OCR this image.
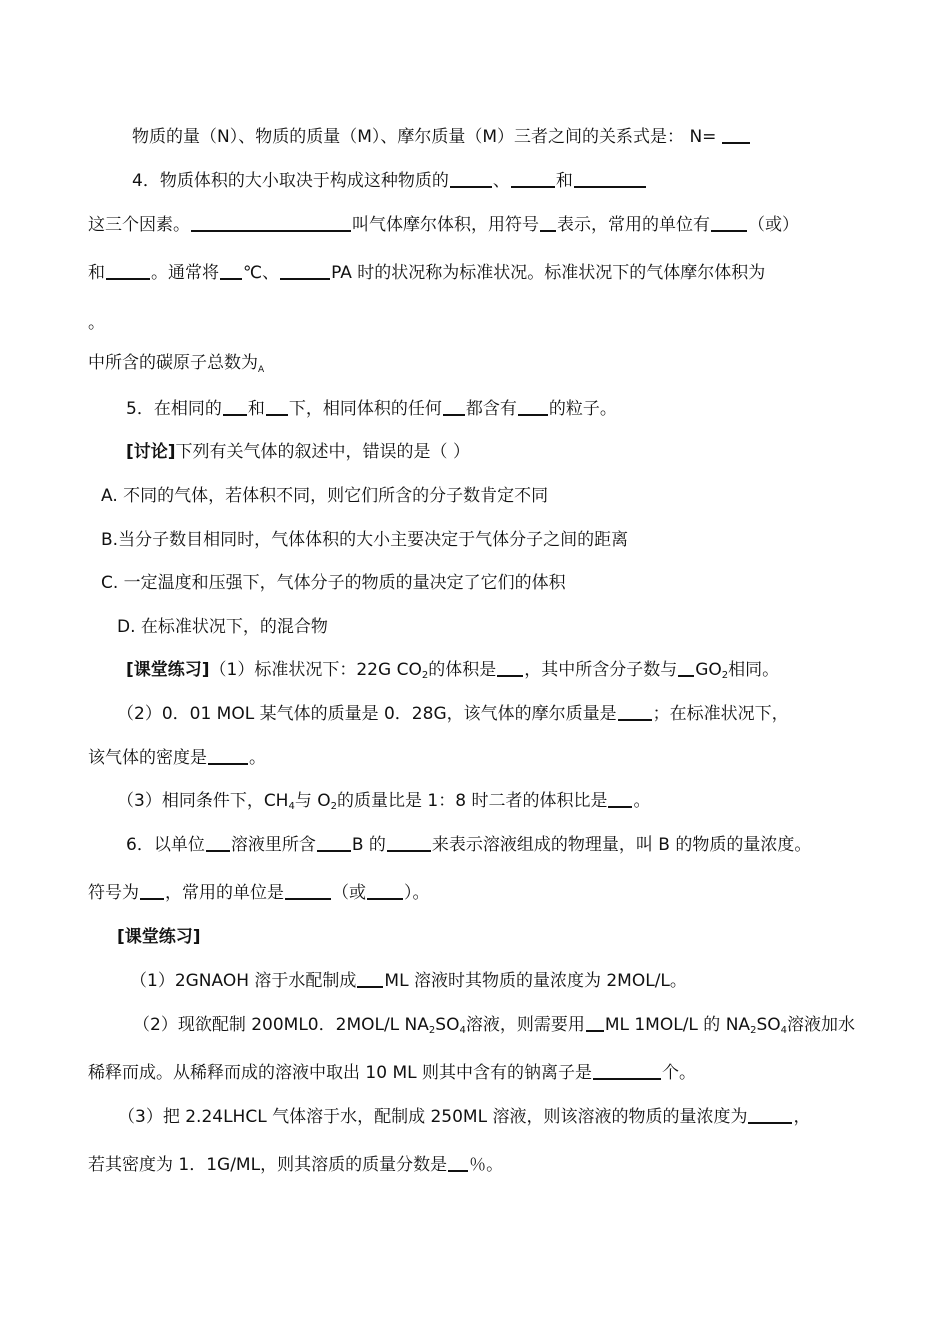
物质的量（N）、物质的质量（M）、摩尔质量（M）三者之间的关系式是： N=
4．物质体积的大小取决于构成这种物质的	、	和
这三个因素。	叫气体摩尔体积，用符号 表示，常用的单位有 （或）
和	。通常将 ℃、	PA 时的状况称为标准状况。标准状况下的气体摩尔体积为
。
中所含的碳原子总数为$_A$
5．在相同的 和 下，相同体积的任何 都含有 的粒子。
[讨论]下列有关气体的叙述中，错误的是（ ）
A. 不同的气体，若体积不同，则它们所含的分子数肯定不同
B.当分子数目相同时，气体体积的大小主要决定于气体分子之间的距离
C. 一定温度和压强下，气体分子的物质的量决定了它们的体积
D. 在标准状况下，的混合物
[课堂练习]（1）标准状况下：22G $CO_2$的体积是 ，其中所含分子数与 $GO_2$相同。
（2）0．01 MOL 某气体的质量是 0．28G，该气体的摩尔质量是 ；在标准状况下，
该气体的密度是 。
（3）相同条件下，$CH_4$与 $O_2$的质量比是 1：8 时二者的体积比是 。
6．以单位 溶液里所含 B 的	来表示溶液组成的物理量，叫 B 的物质的量浓度。
符号为 ，常用的单位是	（或 ）。
[课堂练习]
（1）2GNAOH 溶于水配制成 ML 溶液时其物质的量浓度为 2MOL/L。
（2）现欲配制 200ML0．2MOL/L $NA_2SO_4$溶液，则需要用 ML 1MOL/L 的 $NA_2SO_4$溶液加水
稀释而成。从稀释而成的溶液中取出 10 ML 则其中含有的钠离子是	个。
（3）把 2.24LHCL 气体溶于水，配制成 250ML 溶液，则该溶液的物质的量浓度为	，
若其密度为 1．1G/ML，则其溶质的质量分数是 ％。
